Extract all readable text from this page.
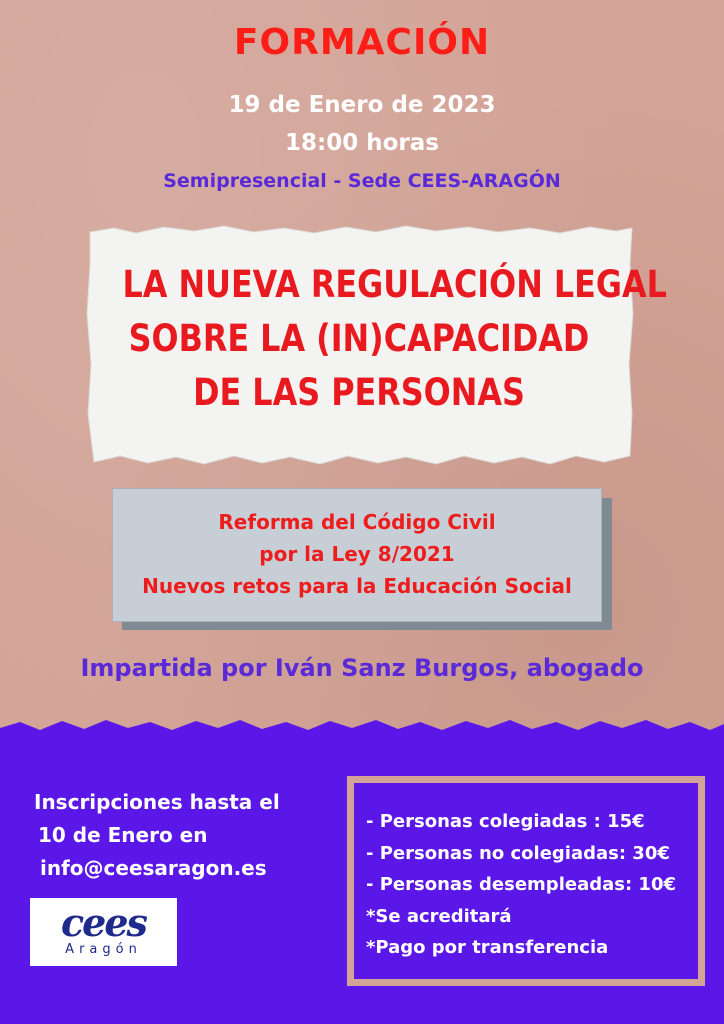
FORMACIÓN
19 de Enero de 2023
18:00 horas
Semipresencial - Sede CEES-ARAGÓN
LA NUEVA REGULACIÓN LEGAL
SOBRE LA (IN)CAPACIDAD
DE LAS PERSONAS
Reforma del Código Civil
por la Ley 8/2021
Nuevos retos para la Educación Social
Impartida por Iván Sanz Burgos, abogado
Inscripciones hasta el
10 de Enero en
info@ceesaragon.es
cees
Aragón
- Personas colegiadas : 15€
- Personas no colegiadas: 30€
- Personas desempleadas: 10€
*Se acreditará
*Pago por transferencia
